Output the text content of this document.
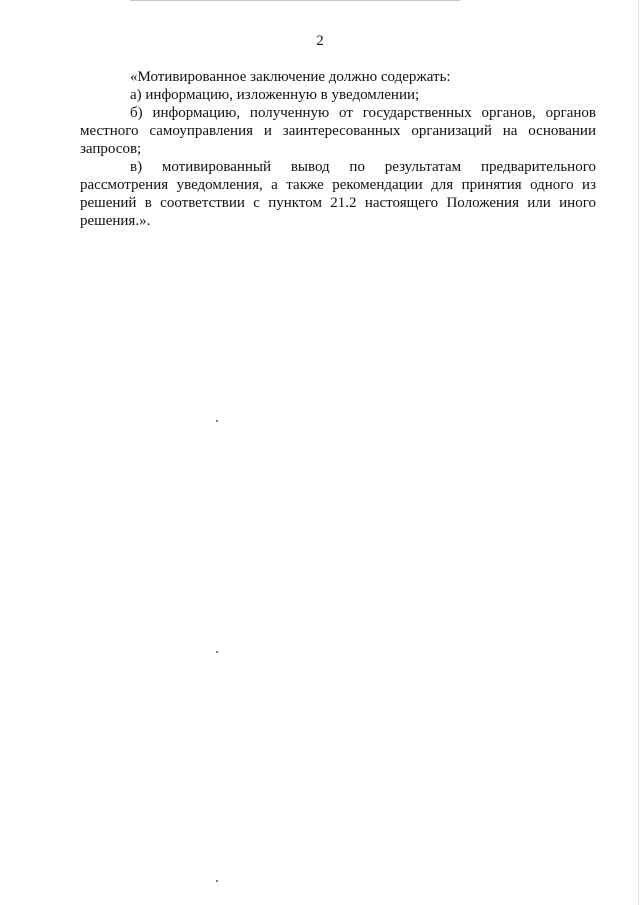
2

«Мотивированное заключение должно содержать:

а) информацию, изложенную в уведомлении;

б) информацию, полученную от государственных органов, органов местного самоуправления и заинтересованных организаций на основании запросов;

в) мотивированный вывод по результатам предварительного рассмотрения уведомления, а также рекомендации для принятия одного из решений в соответствии с пунктом 21.2 настоящего Положения или иного решения.».
